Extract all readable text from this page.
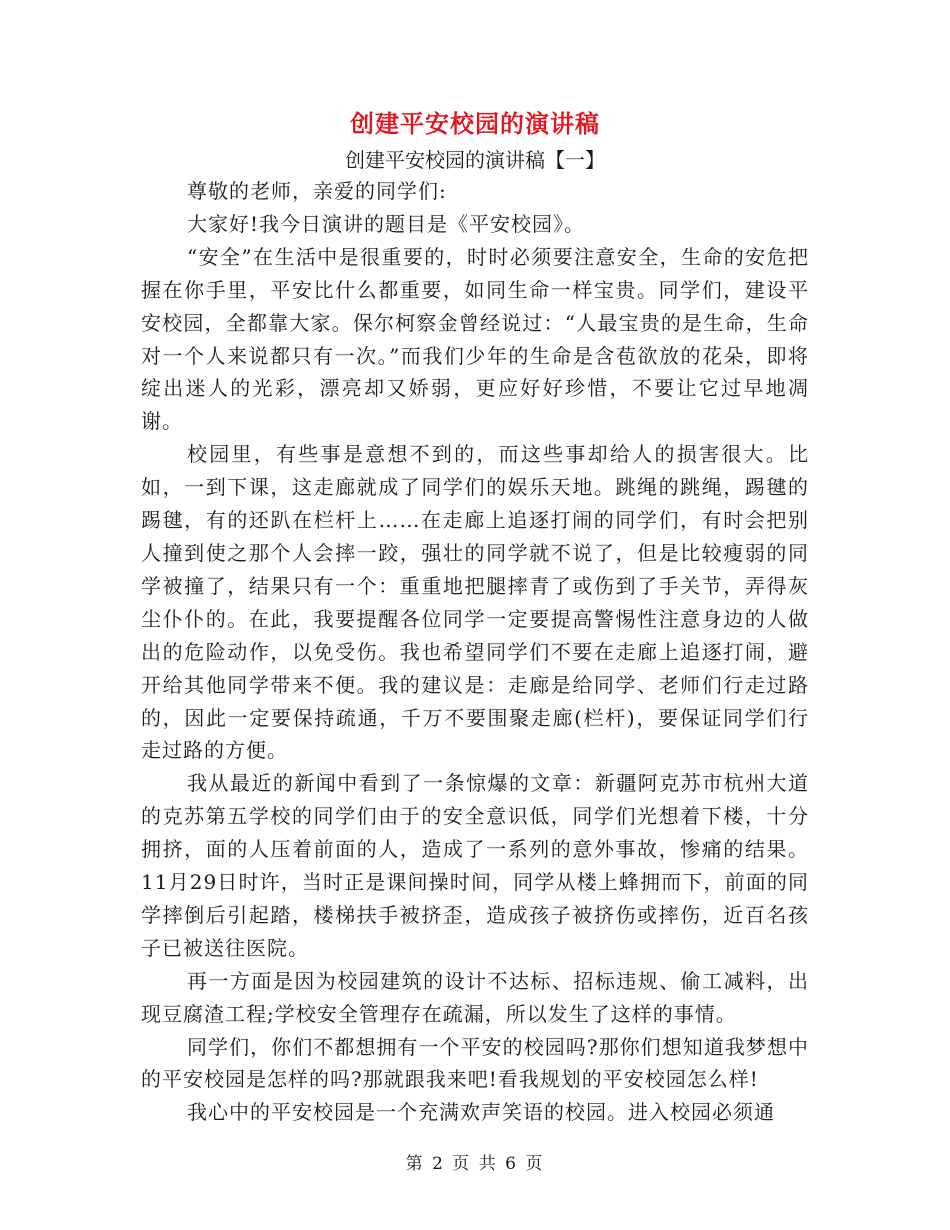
创建平安校园的演讲稿
创建平安校园的演讲稿【一】

尊敬的老师，亲爱的同学们:

大家好!我今日演讲的题目是《平安校园》。

“安全”在生活中是很重要的，时时必须要注意安全，生命的安危把握在你手里，平安比什么都重要，如同生命一样宝贵。同学们，建设平安校园，全都靠大家。保尔柯察金曾经说过：“人最宝贵的是生命，生命对一个人来说都只有一次。”而我们少年的生命是含苞欲放的花朵，即将绽出迷人的光彩，漂亮却又娇弱，更应好好珍惜，不要让它过早地凋谢。

校园里，有些事是意想不到的，而这些事却给人的损害很大。比如，一到下课，这走廊就成了同学们的娱乐天地。跳绳的跳绳，踢毽的踢毽，有的还趴在栏杆上……在走廊上追逐打闹的同学们，有时会把别人撞到使之那个人会摔一跤，强壮的同学就不说了，但是比较瘦弱的同学被撞了，结果只有一个：重重地把腿摔青了或伤到了手关节，弄得灰尘仆仆的。在此，我要提醒各位同学一定要提高警惕性注意身边的人做出的危险动作，以免受伤。我也希望同学们不要在走廊上追逐打闹，避开给其他同学带来不便。我的建议是：走廊是给同学、老师们行走过路的，因此一定要保持疏通，千万不要围聚走廊(栏杆)，要保证同学们行走过路的方便。

我从最近的新闻中看到了一条惊爆的文章：新疆阿克苏市杭州大道的克苏第五学校的同学们由于的安全意识低，同学们光想着下楼，十分拥挤，面的人压着前面的人，造成了一系列的意外事故，惨痛的结果。11月29日时许，当时正是课间操时间，同学从楼上蜂拥而下，前面的同学摔倒后引起踏，楼梯扶手被挤歪，造成孩子被挤伤或摔伤，近百名孩子已被送往医院。

再一方面是因为校园建筑的设计不达标、招标违规、偷工减料，出现豆腐渣工程;学校安全管理存在疏漏，所以发生了这样的事情。

同学们，你们不都想拥有一个平安的校园吗?那你们想知道我梦想中的平安校园是怎样的吗?那就跟我来吧!看我规划的平安校园怎么样!

我心中的平安校园是一个充满欢声笑语的校园。进入校园必须通

第 2 页 共 6 页
